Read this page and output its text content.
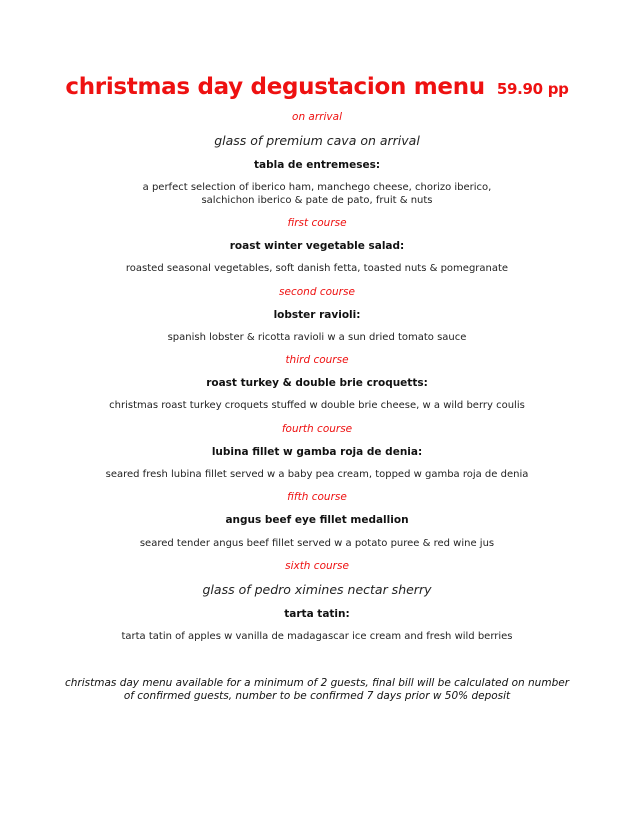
christmas day degustacion menu 59.90 pp
on arrival
glass of premium cava on arrival
tabla de entremeses:
a perfect selection of iberico ham, manchego cheese, chorizo iberico,
salchichon iberico & pate de pato, fruit & nuts
first course
roast winter vegetable salad:
roasted seasonal vegetables, soft danish fetta, toasted nuts & pomegranate
second course
lobster ravioli:
spanish lobster & ricotta ravioli w a sun dried tomato sauce
third course
roast turkey & double brie croquetts:
christmas roast turkey croquets stuffed w double brie cheese, w a wild berry coulis
fourth course
lubina fillet w gamba roja de denia:
seared fresh lubina fillet served w a baby pea cream, topped w gamba roja de denia
fifth course
angus beef eye fillet medallion
seared tender angus beef fillet served w a potato puree & red wine jus
sixth course
glass of pedro ximines nectar sherry
tarta tatin:
tarta tatin of apples w vanilla de madagascar ice cream and fresh wild berries
christmas day menu available for a minimum of 2 guests, final bill will be calculated on number
of confirmed guests, number to be confirmed 7 days prior w 50% deposit
